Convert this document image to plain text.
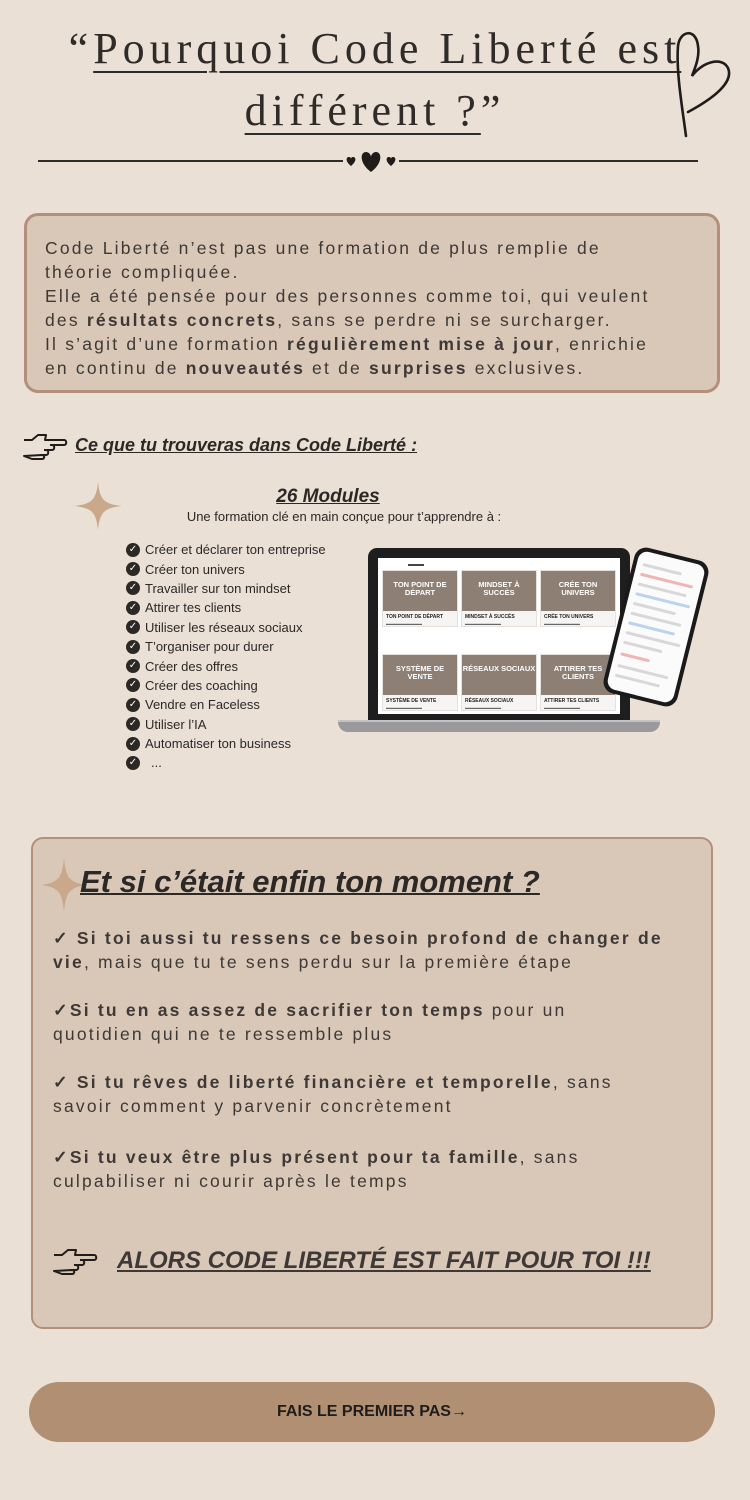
“Pourquoi Code Liberté est
différent ?”

Code Liberté n’est pas une formation de plus remplie de

théorie compliquée.

Elle a été pensée pour des personnes comme toi, qui veulent

des résultats concrets, sans se perdre ni se surcharger.

Il s’agit d’une formation régulièrement mise à jour, enrichie

en continu de nouveautés et de surprises exclusives.

Ce que tu trouveras dans Code Liberté :
26 Modules
Une formation clé en main conçue pour t’apprendre à :
✓ Créer et déclarer ton entreprise
✓ Créer ton univers
✓ Travailler sur ton mindset
✓ Attirer tes clients
✓ Utiliser les réseaux sociaux
✓ T’organiser pour durer
✓ Créer des offres
✓ Créer des coaching
✓ Vendre en Faceless
✓ Utiliser l’IA
✓ Automatiser ton business
✓ ...
TON POINT DE DÉPART
TON POINT DE DÉPART
▬▬▬▬▬▬▬▬▬
MINDSET À SUCCÈS
MINDSET À SUCCÈS
▬▬▬▬▬▬▬▬▬
CRÉE TON UNIVERS
CRÉE TON UNIVERS
▬▬▬▬▬▬▬▬▬
SYSTÈME DE VENTE
SYSTÈME DE VENTE
▬▬▬▬▬▬▬▬▬
RÉSEAUX SOCIAUX
RÉSEAUX SOCIAUX
▬▬▬▬▬▬▬▬▬
ATTIRER TES CLIENTS
ATTIRER TES CLIENTS
▬▬▬▬▬▬▬▬▬
Et si c’était enfin ton moment ?
✓ Si toi aussi tu ressens ce besoin profond de changer de
vie, mais que tu te sens perdu sur la première étape
✓Si tu en as assez de sacrifier ton temps pour un
quotidien qui ne te ressemble plus
✓ Si tu rêves de liberté financière et temporelle, sans
savoir comment y parvenir concrètement
✓Si tu veux être plus présent pour ta famille, sans
culpabiliser ni courir après le temps
ALORS CODE LIBERTÉ EST FAIT POUR TOI !!!
FAIS LE PREMIER PAS→
